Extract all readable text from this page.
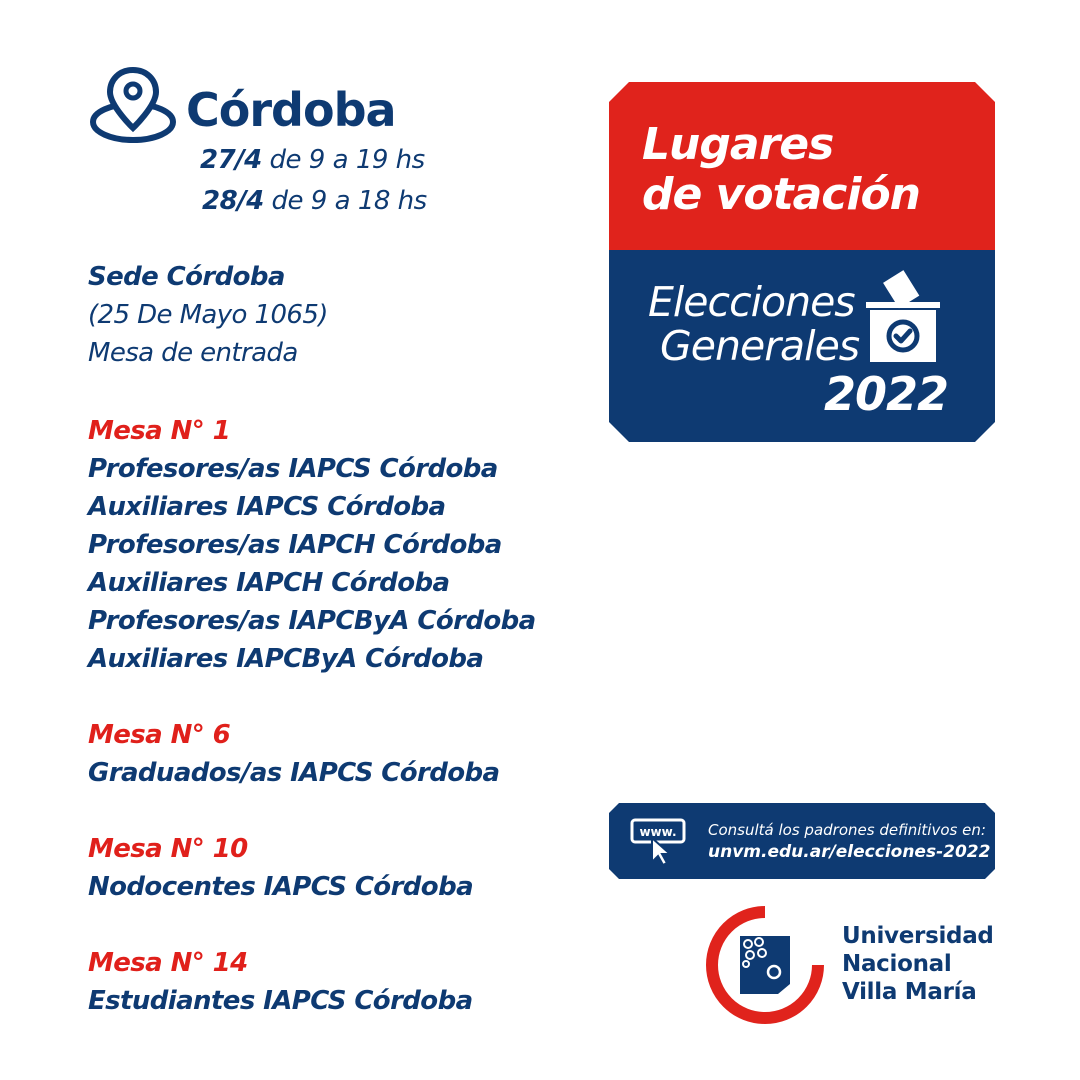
Córdoba
27/4 de 9 a 19 hs
28/4 de 9 a 18 hs
Sede Córdoba
(25 De Mayo 1065)
Mesa de entrada
Mesa N° 1
Profesores/as IAPCS Córdoba
Auxiliares IAPCS Córdoba
Profesores/as IAPCH Córdoba
Auxiliares IAPCH Córdoba
Profesores/as IAPCByA Córdoba
Auxiliares IAPCByA Córdoba
Mesa N° 6
Graduados/as IAPCS Córdoba
Mesa N° 10
Nodocentes IAPCS Córdoba
Mesa N° 14
Estudiantes IAPCS Córdoba
Lugares
de votación
Elecciones
Generales
2022
www. Consultá los padrones definitivos en:
unvm.edu.ar/elecciones-2022
Universidad
Nacional
Villa María
